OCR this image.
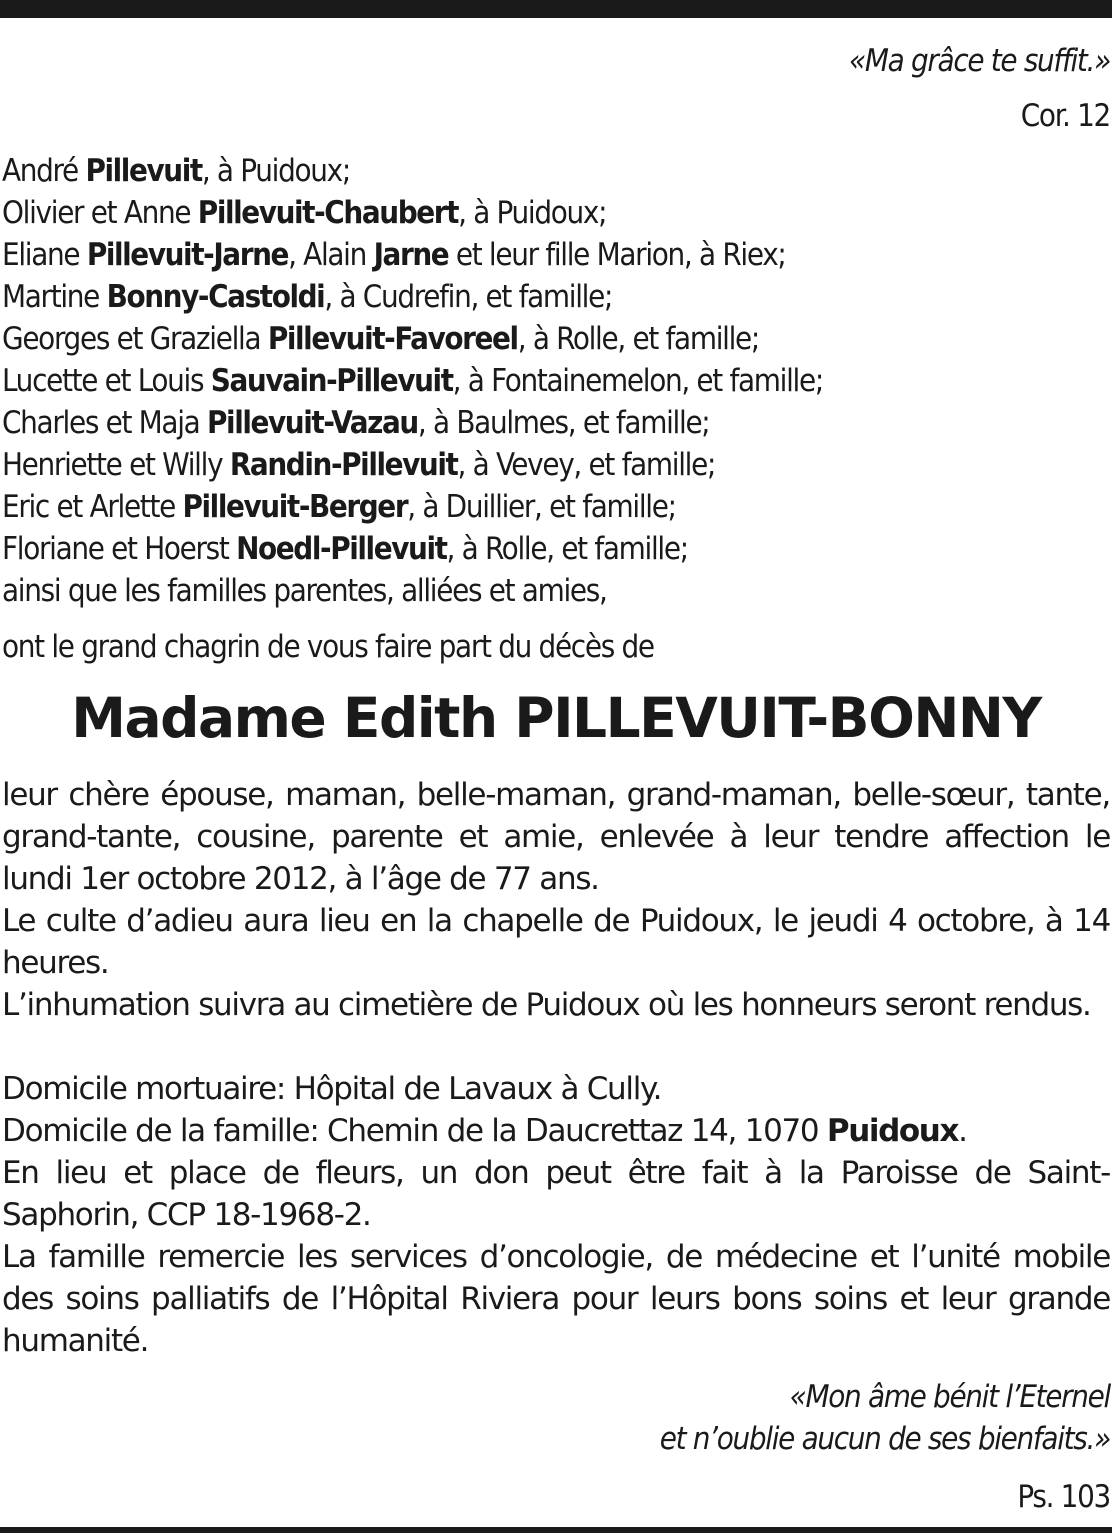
«Ma grâce te suffit.»
Cor. 12
André Pillevuit, à Puidoux;
Olivier et Anne Pillevuit-Chaubert, à Puidoux;
Eliane Pillevuit-Jarne, Alain Jarne et leur fille Marion, à Riex;
Martine Bonny-Castoldi, à Cudrefin, et famille;
Georges et Graziella Pillevuit-Favoreel, à Rolle, et famille;
Lucette et Louis Sauvain-Pillevuit, à Fontainemelon, et famille;
Charles et Maja Pillevuit-Vazau, à Baulmes, et famille;
Henriette et Willy Randin-Pillevuit, à Vevey, et famille;
Eric et Arlette Pillevuit-Berger, à Duillier, et famille;
Floriane et Hoerst Noedl-Pillevuit, à Rolle, et famille;
ainsi que les familles parentes, alliées et amies,
ont le grand chagrin de vous faire part du décès de
Madame Edith PILLEVUIT-BONNY
leur chère épouse, maman, belle-maman, grand-maman, belle-sœur, tante, grand-tante, cousine, parente et amie, enlevée à leur tendre affection le lundi 1er octobre 2012, à l’âge de 77 ans.
Le culte d’adieu aura lieu en la chapelle de Puidoux, le jeudi 4 octobre, à 14 heures.
L’inhumation suivra au cimetière de Puidoux où les honneurs seront rendus.
Domicile mortuaire: Hôpital de Lavaux à Cully.
Domicile de la famille: Chemin de la Daucrettaz 14, 1070 Puidoux.
En lieu et place de fleurs, un don peut être fait à la Paroisse de Saint-Saphorin, CCP 18-1968-2.
La famille remercie les services d’oncologie, de médecine et l’unité mobile des soins palliatifs de l’Hôpital Riviera pour leurs bons soins et leur grande humanité.
«Mon âme bénit l’Eternel
et n’oublie aucun de ses bienfaits.»
Ps. 103
